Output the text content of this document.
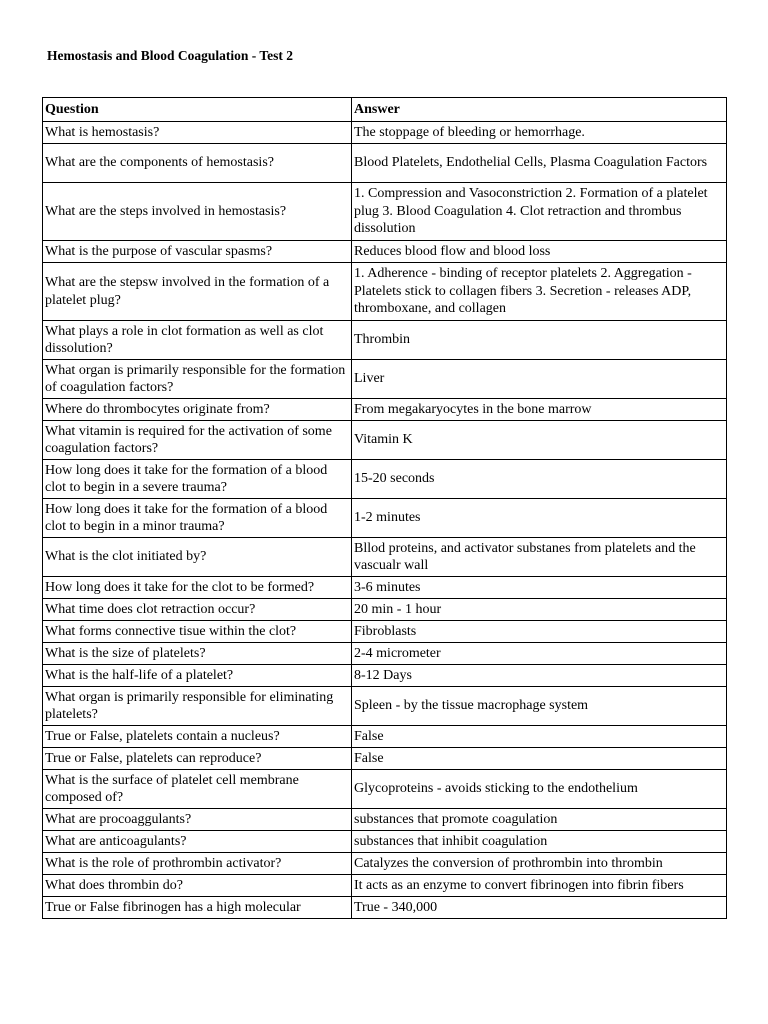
Hemostasis and Blood Coagulation - Test 2
Question	Answer
What is hemostasis?	The stoppage of bleeding or hemorrhage.
What are the components of hemostasis?	Blood Platelets, Endothelial Cells, Plasma Coagulation Factors
What are the steps involved in hemostasis?	1. Compression and Vasoconstriction 2. Formation of a platelet plug 3. Blood Coagulation 4. Clot retraction and thrombus dissolution
What is the purpose of vascular spasms?	Reduces blood flow and blood loss
What are the stepsw involved in the formation of a platelet plug?	1. Adherence - binding of receptor platelets 2. Aggregation - Platelets stick to collagen fibers 3. Secretion - releases ADP, thromboxane, and collagen
What plays a role in clot formation as well as clot dissolution?	Thrombin
What organ is primarily responsible for the formation of coagulation factors?	Liver
Where do thrombocytes originate from?	From megakaryocytes in the bone marrow
What vitamin is required for the activation of some coagulation factors?	Vitamin K
How long does it take for the formation of a blood clot to begin in a severe trauma?	15-20 seconds
How long does it take for the formation of a blood clot to begin in a minor trauma?	1-2 minutes
What is the clot initiated by?	Bllod proteins, and activator substanes from platelets and the vascualr wall
How long does it take for the clot to be formed?	3-6 minutes
What time does clot retraction occur?	20 min - 1 hour
What forms connective tisue within the clot?	Fibroblasts
What is the size of platelets?	2-4 micrometer
What is the half-life of a platelet?	8-12 Days
What organ is primarily responsible for eliminating platelets?	Spleen - by the tissue macrophage system
True or False, platelets contain a nucleus?	False
True or False, platelets can reproduce?	False
What is the surface of platelet cell membrane composed of?	Glycoproteins - avoids sticking to the endothelium
What are procoaggulants?	substances that promote coagulation
What are anticoagulants?	substances that inhibit coagulation
What is the role of prothrombin activator?	Catalyzes the conversion of prothrombin into thrombin
What does thrombin do?	It acts as an enzyme to convert fibrinogen into fibrin fibers
True or False fibrinogen has a high molecular	True - 340,000
